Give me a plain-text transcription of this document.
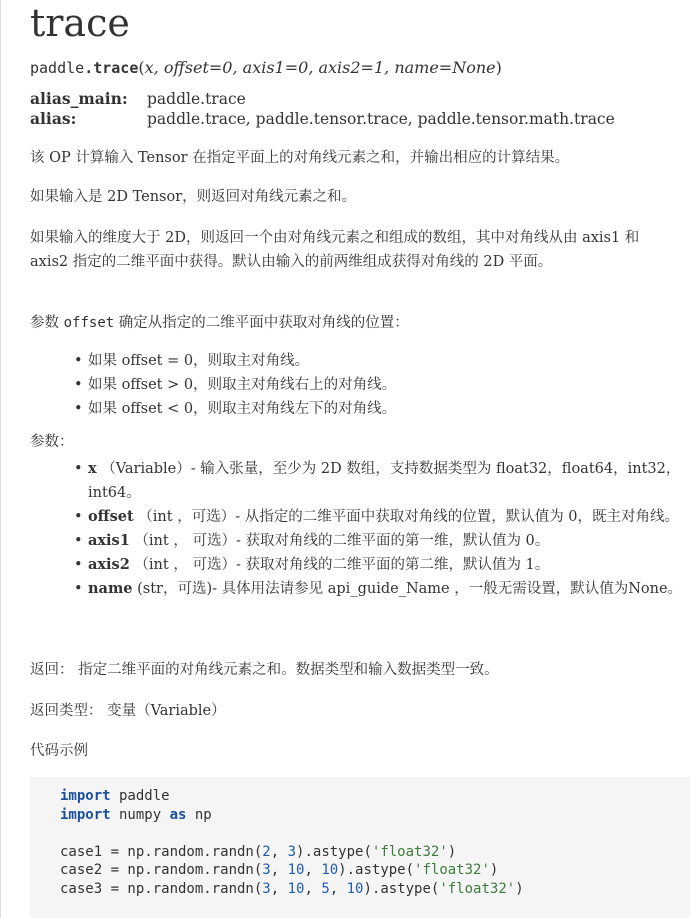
trace
paddle.trace(x, offset=0, axis1=0, axis2=1, name=None)
alias_main:	paddle.trace
alias:	paddle.trace, paddle.tensor.trace, paddle.tensor.math.trace

该 OP 计算输入 Tensor 在指定平面上的对角线元素之和，并输出相应的计算结果。

如果输入是 2D Tensor，则返回对角线元素之和。

如果输入的维度大于 2D，则返回一个由对角线元素之和组成的数组，其中对角线从由 axis1 和 axis2 指定的二维平面中获得。默认由输入的前两维组成获得对角线的 2D 平面。

参数 offset 确定从指定的二维平面中获取对角线的位置：

• 如果 offset = 0，则取主对角线。
• 如果 offset > 0，则取主对角线右上的对角线。
• 如果 offset < 0，则取主对角线左下的对角线。

参数：

• x （Variable）- 输入张量，至少为 2D 数组，支持数据类型为 float32，float64，int32，int64。
• offset （int ，可选）- 从指定的二维平面中获取对角线的位置，默认值为 0，既主对角线。
• axis1 （int ， 可选）- 获取对角线的二维平面的第一维，默认值为 0。
• axis2 （int ， 可选）- 获取对角线的二维平面的第二维，默认值为 1。
• name (str，可选)- 具体用法请参见 api_guide_Name ，一般无需设置，默认值为None。

返回： 指定二维平面的对角线元素之和。数据类型和输入数据类型一致。

返回类型： 变量（Variable）

代码示例

import paddle
import numpy as np

case1 = np.random.randn(2, 3).astype('float32')
case2 = np.random.randn(3, 10, 10).astype('float32')
case3 = np.random.randn(3, 10, 5, 10).astype('float32')
